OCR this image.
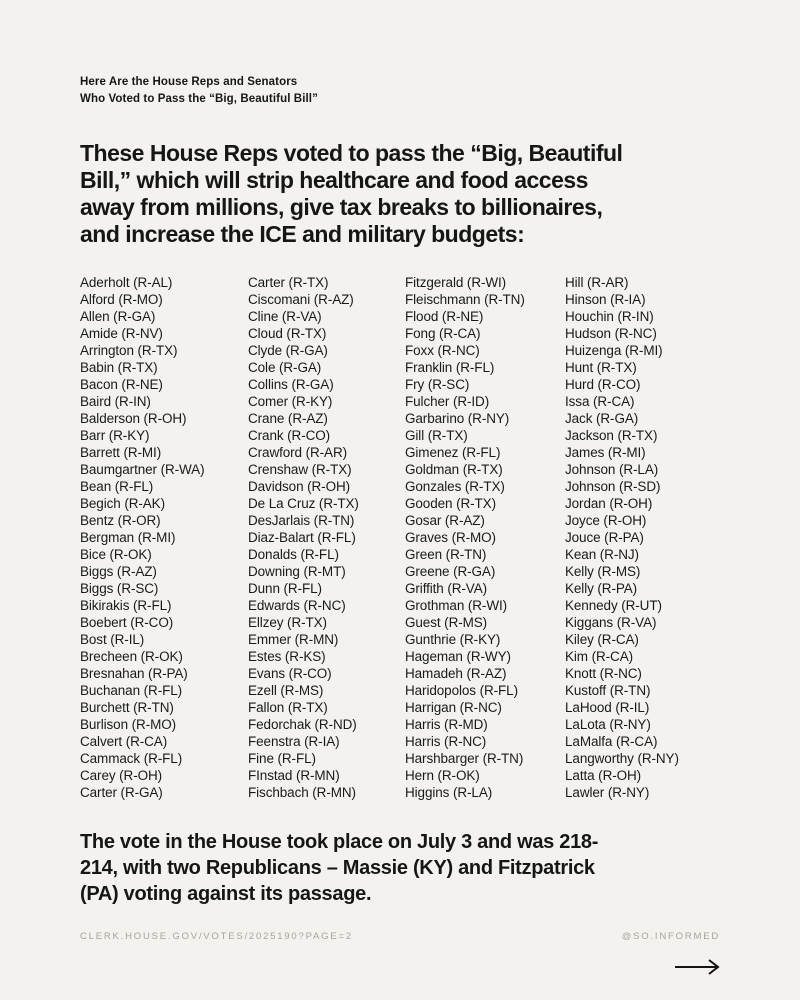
Here Are the House Reps and Senators
Who Voted to Pass the “Big, Beautiful Bill”
These House Reps voted to pass the “Big, Beautiful
Bill,” which will strip healthcare and food access
away from millions, give tax breaks to billionaires,
and increase the ICE and military budgets:
Aderholt (R-AL)
Alford (R-MO)
Allen (R-GA)
Amide (R-NV)
Arrington (R-TX)
Babin (R-TX)
Bacon (R-NE)
Baird (R-IN)
Balderson (R-OH)
Barr (R-KY)
Barrett (R-MI)
Baumgartner (R-WA)
Bean (R-FL)
Begich (R-AK)
Bentz (R-OR)
Bergman (R-MI)
Bice (R-OK)
Biggs (R-AZ)
Biggs (R-SC)
Bikirakis (R-FL)
Boebert (R-CO)
Bost (R-IL)
Brecheen (R-OK)
Bresnahan (R-PA)
Buchanan (R-FL)
Burchett (R-TN)
Burlison (R-MO)
Calvert (R-CA)
Cammack (R-FL)
Carey (R-OH)
Carter (R-GA)
Carter (R-TX)
Ciscomani (R-AZ)
Cline (R-VA)
Cloud (R-TX)
Clyde (R-GA)
Cole (R-GA)
Collins (R-GA)
Comer (R-KY)
Crane (R-AZ)
Crank (R-CO)
Crawford (R-AR)
Crenshaw (R-TX)
Davidson (R-OH)
De La Cruz (R-TX)
DesJarlais (R-TN)
Diaz-Balart (R-FL)
Donalds (R-FL)
Downing (R-MT)
Dunn (R-FL)
Edwards (R-NC)
Ellzey (R-TX)
Emmer (R-MN)
Estes (R-KS)
Evans (R-CO)
Ezell (R-MS)
Fallon (R-TX)
Fedorchak (R-ND)
Feenstra (R-IA)
Fine (R-FL)
FInstad (R-MN)
Fischbach (R-MN)
Fitzgerald (R-WI)
Fleischmann (R-TN)
Flood (R-NE)
Fong (R-CA)
Foxx (R-NC)
Franklin (R-FL)
Fry (R-SC)
Fulcher (R-ID)
Garbarino (R-NY)
Gill (R-TX)
Gimenez (R-FL)
Goldman (R-TX)
Gonzales (R-TX)
Gooden (R-TX)
Gosar (R-AZ)
Graves (R-MO)
Green (R-TN)
Greene (R-GA)
Griffith (R-VA)
Grothman (R-WI)
Guest (R-MS)
Gunthrie (R-KY)
Hageman (R-WY)
Hamadeh (R-AZ)
Haridopolos (R-FL)
Harrigan (R-NC)
Harris (R-MD)
Harris (R-NC)
Harshbarger (R-TN)
Hern (R-OK)
Higgins (R-LA)
Hill (R-AR)
Hinson (R-IA)
Houchin (R-IN)
Hudson (R-NC)
Huizenga (R-MI)
Hunt (R-TX)
Hurd (R-CO)
Issa (R-CA)
Jack (R-GA)
Jackson (R-TX)
James (R-MI)
Johnson (R-LA)
Johnson (R-SD)
Jordan (R-OH)
Joyce (R-OH)
Jouce (R-PA)
Kean (R-NJ)
Kelly (R-MS)
Kelly (R-PA)
Kennedy (R-UT)
Kiggans (R-VA)
Kiley (R-CA)
Kim (R-CA)
Knott (R-NC)
Kustoff (R-TN)
LaHood (R-IL)
LaLota (R-NY)
LaMalfa (R-CA)
Langworthy (R-NY)
Latta (R-OH)
Lawler (R-NY)

The vote in the House took place on July 3 and was 218-
214, with two Republicans – Massie (KY) and Fitzpatrick
(PA) voting against its passage.

CLERK.HOUSE.GOV/VOTES/2025190?PAGE=2	@SO.INFORMED
